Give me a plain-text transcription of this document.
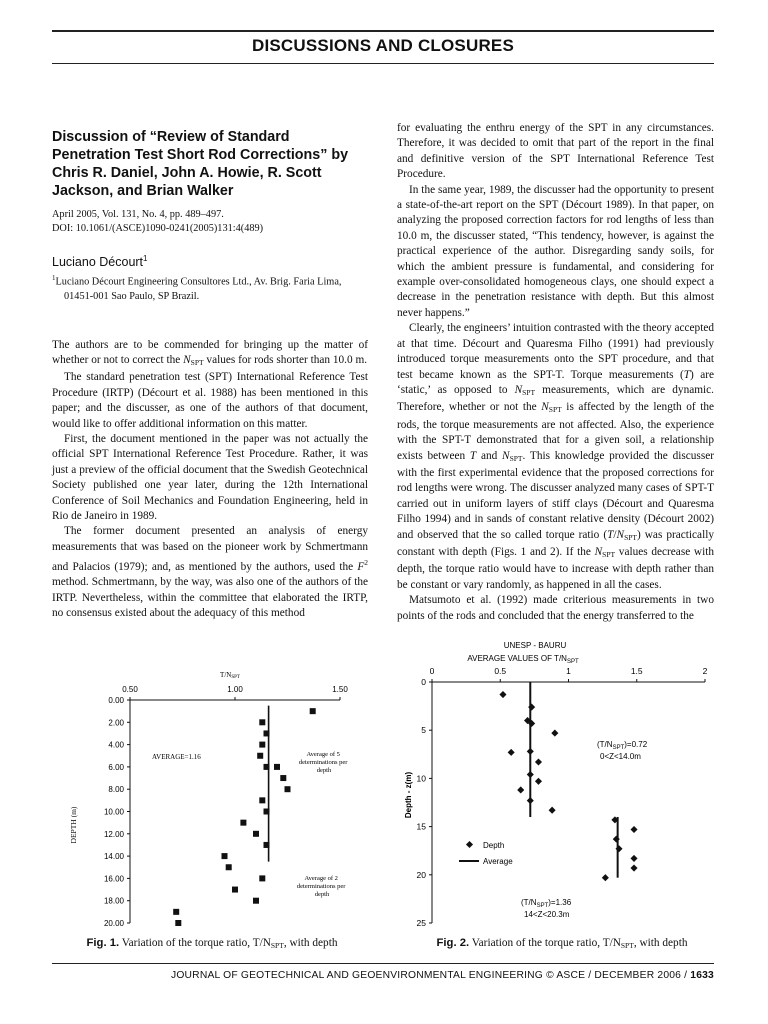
DISCUSSIONS AND CLOSURES
Discussion of “Review of Standard Penetration Test Short Rod Corrections” by Chris R. Daniel, John A. Howie, R. Scott Jackson, and Brian Walker

April 2005, Vol. 131, No. 4, pp. 489–497.

DOI: 10.1061/(ASCE)1090-0241(2005)131:4(489)

Luciano Décourt$^1$

$^1$Luciano Décourt Engineering Consultores Ltd., Av. Brig. Faria Lima, 01451-001 Sao Paulo, SP Brazil.

The authors are to be commended for bringing up the matter of whether or not to correct the $N_{SPT}$ values for rods shorter than 10.0 m.

The standard penetration test (SPT) International Reference Test Procedure (IRTP) (Décourt et al. 1988) has been mentioned in this paper; and the discusser, as one of the authors of that document, would like to offer additional information on this matter.

First, the document mentioned in the paper was not actually the official SPT International Reference Test Procedure. Rather, it was just a preview of the official document that the Swedish Geotechnical Society published one year later, during the 12th International Conference of Soil Mechanics and Foundation Engineering, held in Rio de Janeiro in 1989.

The former document presented an analysis of energy measurements that was based on the pioneer work by Schmertmann and Palacios (1979); and, as mentioned by the authors, used the $F^2$ method. Schmertmann, by the way, was also one of the authors of the IRTP. Nevertheless, within the committee that elaborated the IRTP, no consensus existed about the adequacy of this method

for evaluating the enthru energy of the SPT in any circumstances. Therefore, it was decided to omit that part of the report in the final and definitive version of the SPT International Reference Test Procedure.

In the same year, 1989, the discusser had the opportunity to present a state-of-the-art report on the SPT (Décourt 1989). In that paper, on analyzing the proposed correction factors for rod lengths of less than 10.0 m, the discusser stated, “This tendency, however, is against the practical experience of the author. Disregarding sandy soils, for which the ambient pressure is fundamental, and considering for example over-consolidated homogeneous clays, one should expect a decrease in the penetration resistance with depth. But this almost never happens.”

Clearly, the engineers’ intuition contrasted with the theory accepted at that time. Décourt and Quaresma Filho (1991) had previously introduced torque measurements onto the SPT procedure, and that test became known as the SPT-T. Torque measurements (T) are ‘static,’ as opposed to $N_{SPT}$ measurements, which are dynamic. Therefore, whether or not the $N_{SPT}$ is affected by the length of the rods, the torque measurements are not affected. Also, the experience with the SPT-T demonstrated that for a given soil, a relationship exists between T and $N_{SPT}$. This knowledge provided the discusser with the first experimental evidence that the proposed corrections for rod lengths were wrong. The discusser analyzed many cases of SPT-T carried out in uniform layers of stiff clays (Décourt and Quaresma Filho 1994) and in sands of constant relative density (Décourt 2002) and observed that the so called torque ratio $(T/N_{SPT})$ was practically constant with depth (Figs. 1 and 2). If the $N_{SPT}$ values decrease with depth, the torque ratio would have to increase with depth rather than be constant or vary randomly, as happened in all the cases.

Matsumoto et al. (1992) made criterious measurements in two points of the rods and concluded that the energy transferred to the

T/NSPT
0.50	1.00	1.50
0.00
2.00
4.00
6.00
8.00
10.00
12.00
14.00
16.00
18.00
20.00
DEPTH (m)
AVERAGE=1.16	Average of 5 determinations per depth
Average of 2 determinations per depth
Fig. 1. Variation of the torque ratio, $T/N_{SPT}$, with depth
UNESP - BAURU
AVERAGE VALUES OF $T/N_{SPT}$
0	0.5	1	1.5	2
0
5
10
15
20
25
Depth - z(m)
$(T/N_{SPT})=0.72$
0<Z<14.0m
$(T/N_{SPT})=1.36$
14<Z<20.3m
Depth
Average
Fig. 2. Variation of the torque ratio, $T/N_{SPT}$, with depth
JOURNAL OF GEOTECHNICAL AND GEOENVIRONMENTAL ENGINEERING © ASCE / DECEMBER 2006 / 1633
